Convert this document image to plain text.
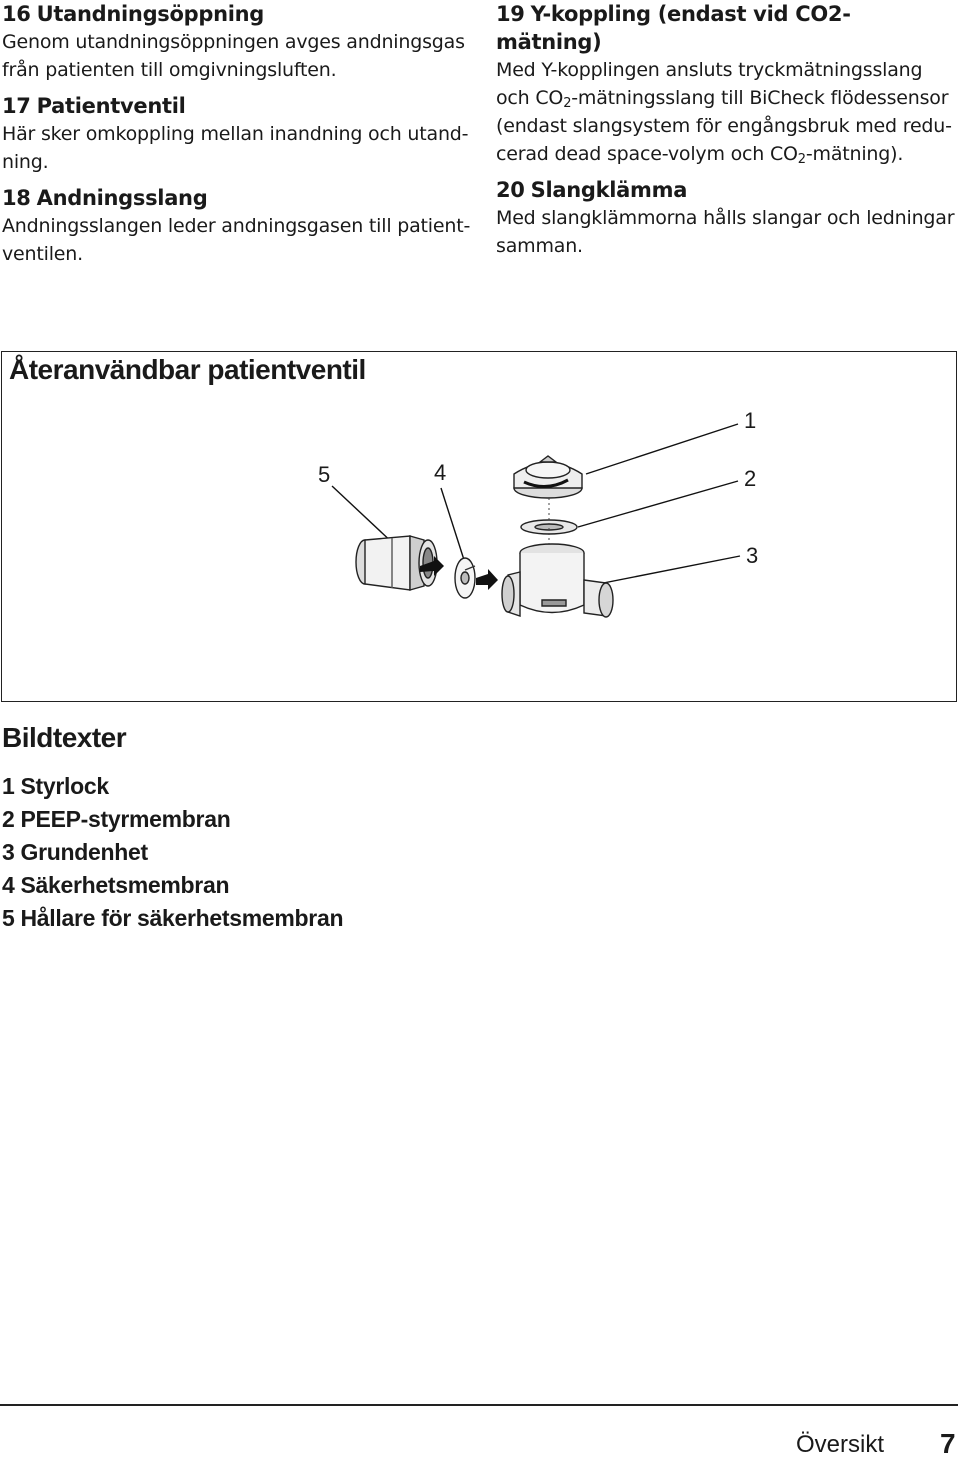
16 Utandningsöppning
Genom utandningsöppningen avges andningsgas från patienten till omgivningsluften.
17 Patientventil
Här sker omkoppling mellan inandning och utand-ning.
18 Andningsslang
Andningsslangen leder andningsgasen till patient-ventilen.
19 Y-koppling (endast vid CO2-mätning)
Med Y-kopplingen ansluts tryckmätningsslang och $CO_2$-mätningsslang till BiCheck flödessensor (endast slangsystem för engångsbruk med redu-cerad dead space-volym och $CO_2-mätning$).
20 Slangklämma
Med slangklämmorna hålls slangar och ledningar samman.
Återanvändbar patientventil
1
2
3
4
5
Bildtexter
1 Styrlock
2 PEEP-styrmembran
3 Grundenhet
4 Säkerhetsmembran
5 Hållare för säkerhetsmembran
Översikt 7
